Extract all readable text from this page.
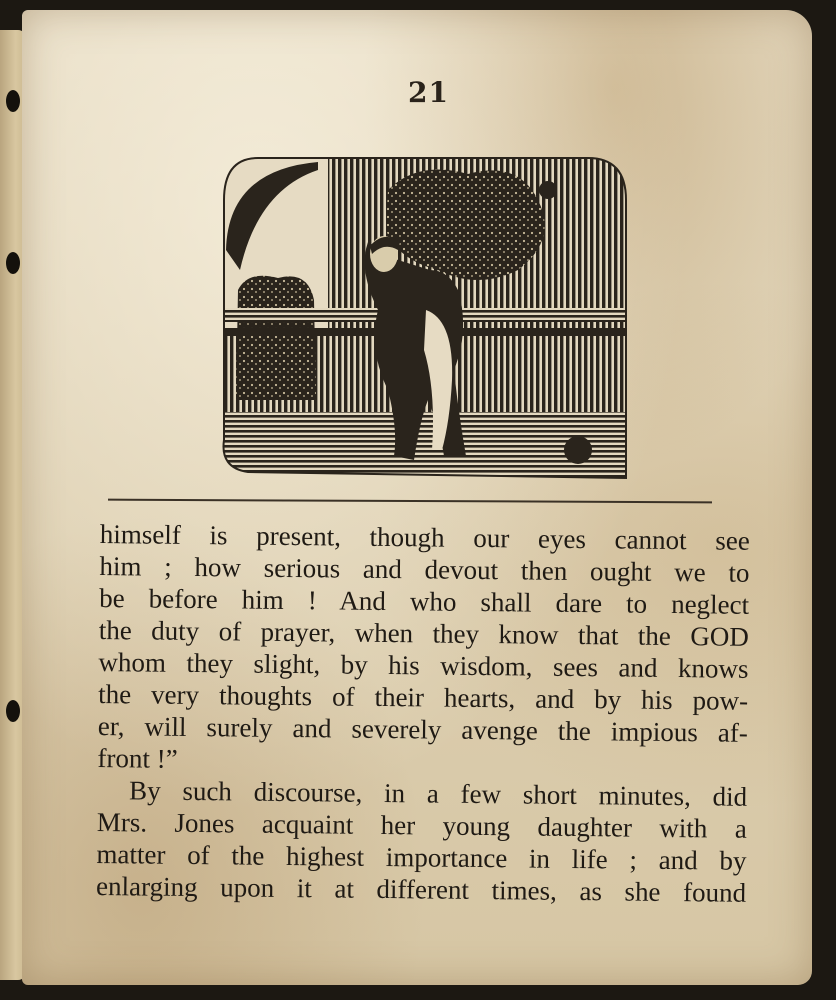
21
himself is present, though our eyes cannot see
him ; how serious and devout then ought we to
be before him ! And who shall dare to neglect
the duty of prayer, when they know that the GOD
whom they slight, by his wisdom, sees and knows
the very thoughts of their hearts, and by his pow-
er, will surely and severely avenge the impious af-
front !”
By such discourse, in a few short minutes, did
Mrs. Jones acquaint her young daughter with a
matter of the highest importance in life ; and by
enlarging upon it at different times, as she found
